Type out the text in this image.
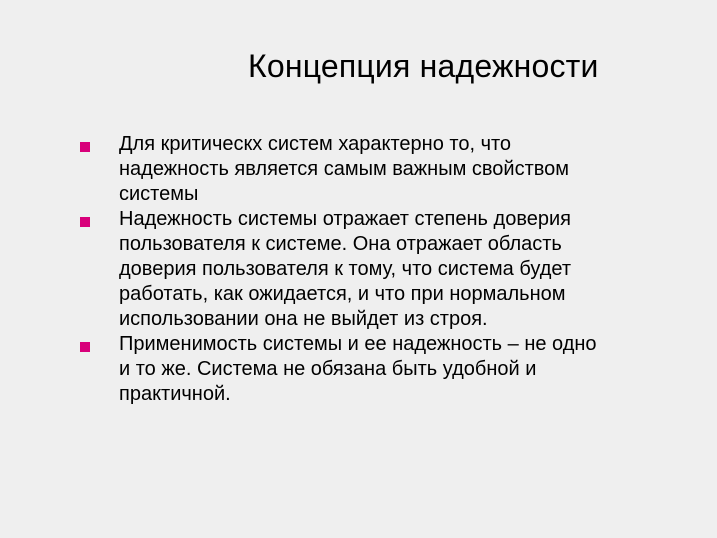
Концепция надежности
Для критическх систем характерно то, что
надежность является самым важным свойством
системы
Надежность системы отражает степень доверия
пользователя к системе. Она отражает область
доверия пользователя к тому, что система будет
работать, как ожидается, и что при нормальном
использовании она не выйдет из строя.
Применимость системы и ее надежность – не одно
и то же. Система не обязана быть удобной и
практичной.
